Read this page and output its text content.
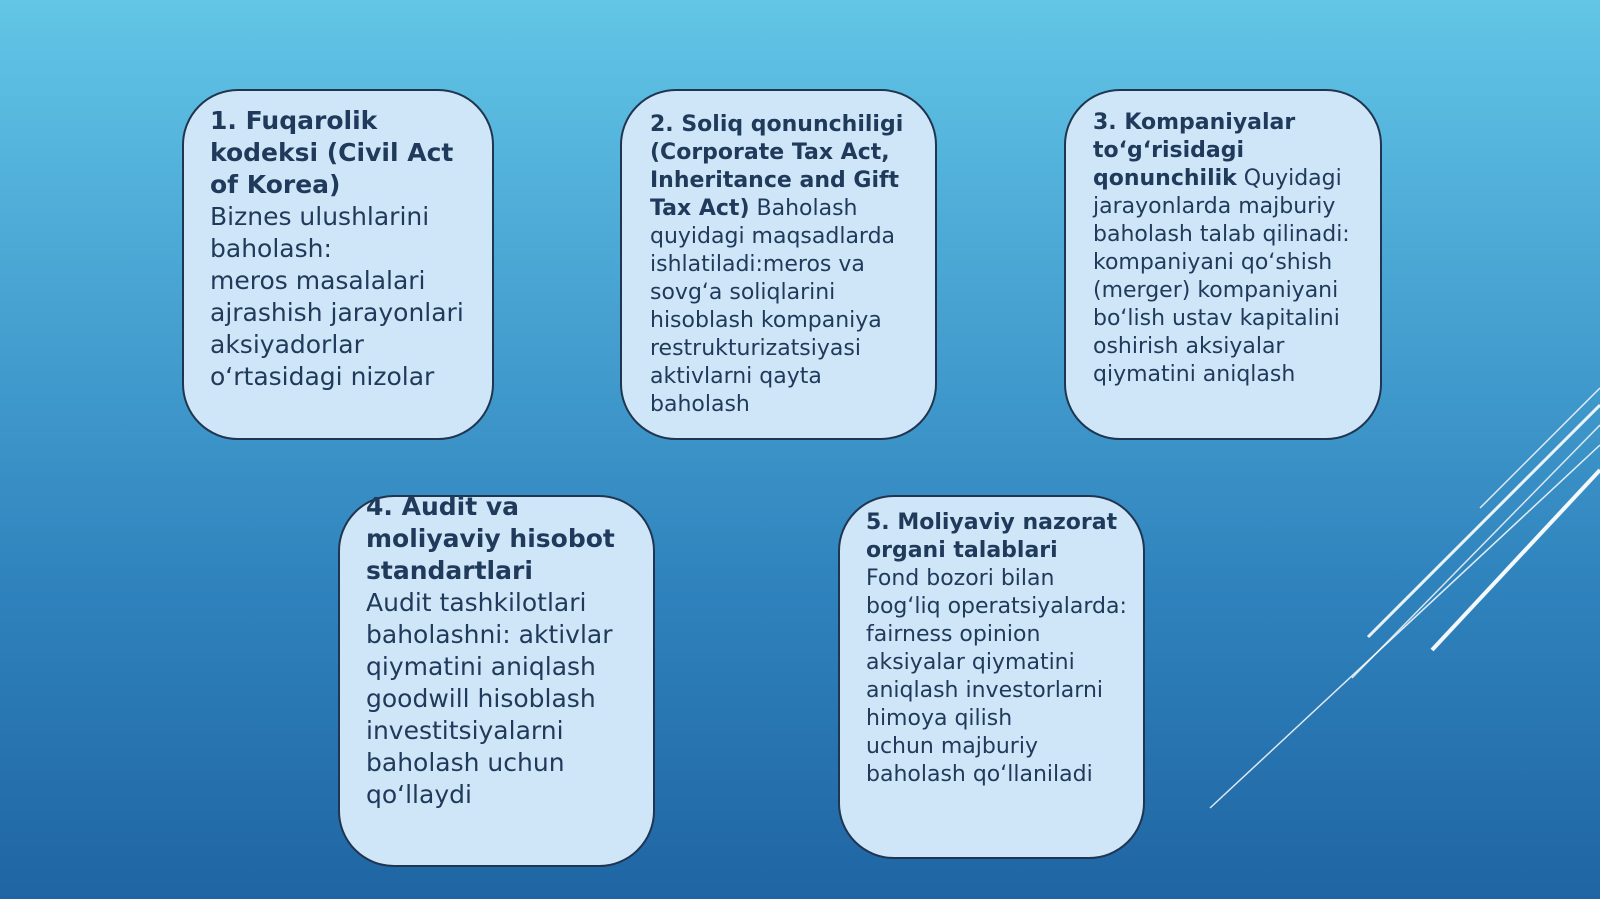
1. Fuqarolik kodeksi (Civil Act of Korea)
Biznes ulushlarini baholash:
meros masalalari
ajrashish jarayonlari
aksiyadorlar o‘rtasidagi nizolar

2. Soliq qonunchiligi (Corporate Tax Act, Inheritance and Gift Tax Act) Baholash quyidagi maqsadlarda ishlatiladi:meros va sovg‘a soliqlarini hisoblash kompaniya restrukturizatsiyasi aktivlarni qayta baholash

3. Kompaniyalar to‘g‘risidagi qonunchilik Quyidagi jarayonlarda majburiy baholash talab qilinadi: kompaniyani qo‘shish (merger) kompaniyani bo‘lish ustav kapitalini oshirish aksiyalar qiymatini aniqlash

4. Audit va moliyaviy hisobot standartlari
Audit tashkilotlari baholashni: aktivlar qiymatini aniqlash goodwill hisoblash investitsiyalarni baholash uchun qo‘llaydi

5. Moliyaviy nazorat organi talablari
Fond bozori bilan bog‘liq operatsiyalarda: fairness opinion aksiyalar qiymatini aniqlash investorlarni himoya qilish
uchun majburiy baholash qo‘llaniladi
